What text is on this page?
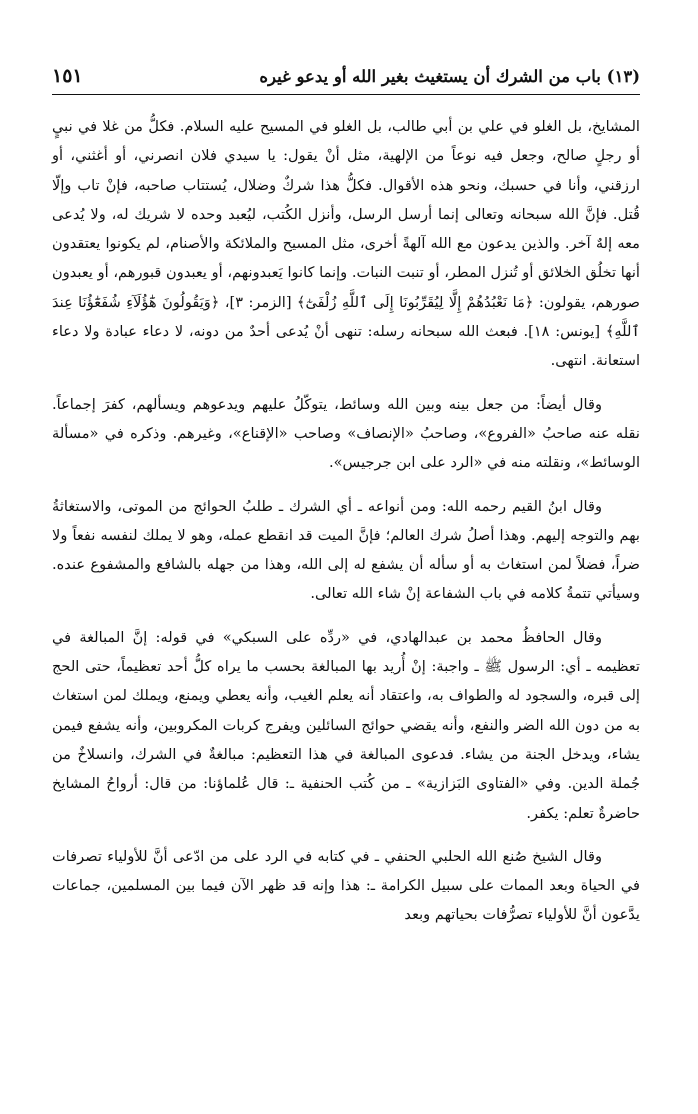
١٥١	(١٣) باب من الشرك أن يستغيث بغير الله أو يدعو غيره

المشايخ، بل الغلو في علي بن أبي طالب، بل الغلو في المسيح عليه السلام. فكلُّ من غلا في نبيٍ أو رجلٍ صالح، وجعل فيه نوعاً من الإلهية، مثل أنْ يقول: يا سيدي فلان انصرني، أو أغثني، أو ارزقني، وأنا في حسبك، ونحو هذه الأقوال. فكلُّ هذا شركٌ وضلال، يُستتاب صاحبه، فإنْ تاب وإلّا قُتل. فإنَّ الله سبحانه وتعالى إنما أرسل الرسل، وأنزل الكُتب، ليُعبد وحده لا شريك له، ولا يُدعى معه إلهٌ آخر. والذين يدعون مع الله آلهةً أخرى، مثل المسيح والملائكة والأصنام، لم يكونوا يعتقدون أنها تخلُق الخلائق أو تُنزل المطر، أو تنبت النبات. وإنما كانوا يَعبدونهم، أو يعبدون قبورهم، أو يعبدون صورهم، يقولون: ﴿مَا نَعْبُدُهُمْ إِلَّا لِيُقَرِّبُونَا إِلَى ٱللَّهِ زُلْفَىٰٓ﴾ [الزمر: ٣]، ﴿وَيَقُولُونَ هَٰٓؤُلَآءِ شُفَعَٰٓؤُنَا عِندَ ٱللَّهِ﴾ [يونس: ١٨]. فبعث الله سبحانه رسله: تنهى أنْ يُدعى أحدٌ من دونه، لا دعاء عبادة ولا دعاء استعانة. انتهى.

وقال أيضاً: من جعل بينه وبين الله وسائط، يتوكّلُ عليهم ويدعوهم ويسألهم، كفرَ إجماعاً. نقله عنه صاحبُ «الفروع»، وصاحبُ «الإنصاف» وصاحب «الإقناع»، وغيرهم. وذكره في «مسألة الوسائط»، ونقلته منه في «الرد على ابن جرجيس».

وقال ابنُ القيم رحمه الله: ومن أنواعه ـ أي الشرك ـ طلبُ الحوائج من الموتى، والاستغاثةُ بهم والتوجه إليهم. وهذا أصلُ شرك العالم؛ فإنَّ الميت قد انقطع عمله، وهو لا يملك لنفسه نفعاً ولا ضراً، فضلاً لمن استغاث به أو سأله أن يشفع له إلى الله، وهذا من جهله بالشافع والمشفوع عنده. وسيأتي تتمةُ كلامه في باب الشفاعة إنْ شاء الله تعالى.

وقال الحافظُ محمد بن عبدالهادي، في «ردِّه على السبكي» في قوله: إنَّ المبالغة في تعظيمه ـ أي: الرسول ﷺ ـ واجبة: إنْ أُريد بها المبالغة بحسب ما يراه كلُّ أحد تعظيماً، حتى الحج إلى قبره، والسجود له والطواف به، واعتقاد أنه يعلم الغيب، وأنه يعطي ويمنع، ويملك لمن استغاث به من دون الله الضر والنفع، وأنه يقضي حوائج السائلين ويفرج كربات المكروبين، وأنه يشفع فيمن يشاء، ويدخل الجنة من يشاء. فدعوى المبالغة في هذا التعظيم: مبالغةٌ في الشرك، وانسلاخٌ من جُملة الدين. وفي «الفتاوى البَزازية» ـ من كُتب الحنفية ـ: قال عُلماؤنا: من قال: أرواحُ المشايخ حاضرةٌ تعلم: يكفر.

وقال الشيخ صُنع الله الحلبي الحنفي ـ في كتابه في الرد على من ادّعى أنَّ للأولياء تصرفات في الحياة وبعد الممات على سبيل الكرامة ـ: هذا وإنه قد ظهر الآن فيما بين المسلمين، جماعات يدَّعون أنَّ للأولياء تصرُّفات بحياتهم وبعد
